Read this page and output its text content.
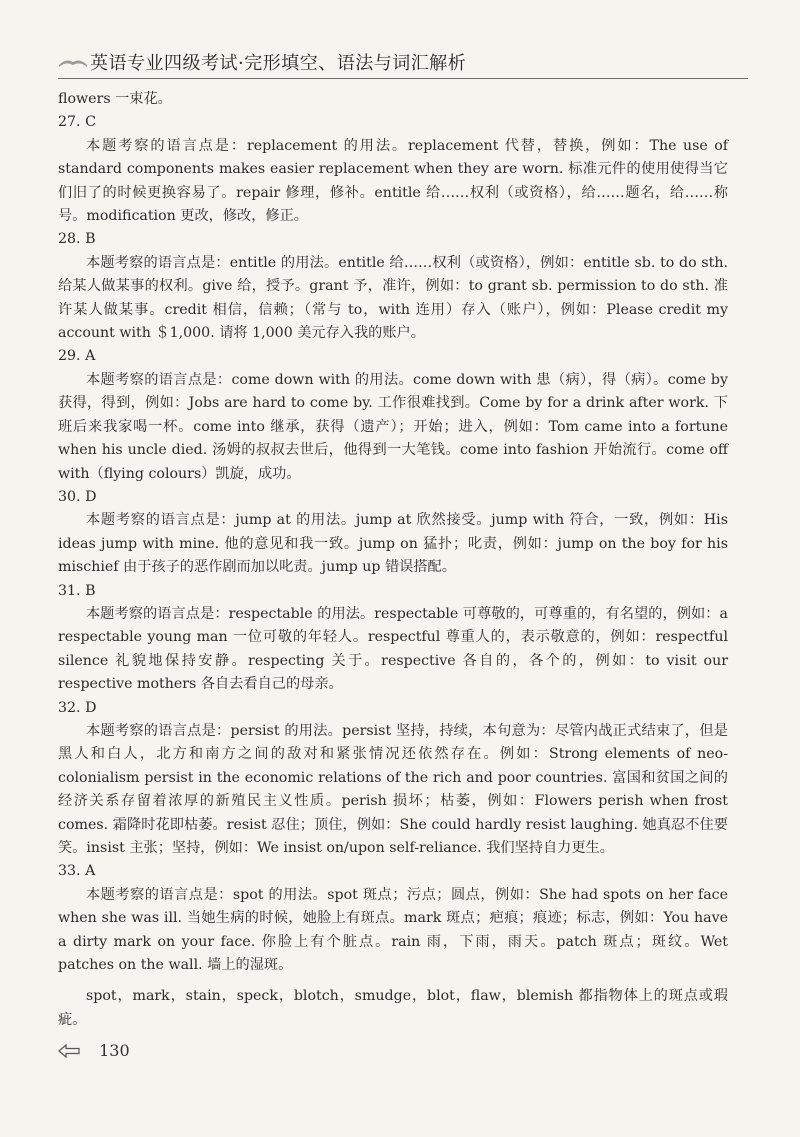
英语专业四级考试·完形填空、语法与词汇解析

flowers 一束花。

27. C

本题考察的语言点是：replacement 的用法。replacement 代替，替换，例如：The use of standard components makes easier replacement when they are worn. 标准元件的使用使得当它们旧了的时候更换容易了。repair 修理，修补。entitle 给……权利（或资格），给……题名，给……称号。modification 更改，修改，修正。

28. B

本题考察的语言点是：entitle 的用法。entitle 给……权利（或资格），例如：entitle sb. to do sth. 给某人做某事的权利。give 给，授予。grant 予，准许，例如：to grant sb. permission to do sth. 准许某人做某事。credit 相信，信赖；（常与 to，with 连用）存入（账户），例如：Please credit my account with ＄1,000. 请将 1,000 美元存入我的账户。

29. A

本题考察的语言点是：come down with 的用法。come down with 患（病），得（病）。come by 获得，得到，例如：Jobs are hard to come by. 工作很难找到。Come by for a drink after work. 下班后来我家喝一杯。come into 继承，获得（遗产）；开始；进入，例如：Tom came into a fortune when his uncle died. 汤姆的叔叔去世后，他得到一大笔钱。come into fashion 开始流行。come off with（flying colours）凯旋，成功。

30. D

本题考察的语言点是：jump at 的用法。jump at 欣然接受。jump with 符合，一致，例如：His ideas jump with mine. 他的意见和我一致。jump on 猛扑；叱责，例如：jump on the boy for his mischief 由于孩子的恶作剧而加以叱责。jump up 错误搭配。

31. B

本题考察的语言点是：respectable 的用法。respectable 可尊敬的，可尊重的，有名望的，例如：a respectable young man 一位可敬的年轻人。respectful 尊重人的，表示敬意的，例如：respectful silence 礼貌地保持安静。respecting 关于。respective 各自的，各个的，例如：to visit our respective mothers 各自去看自己的母亲。

32. D

本题考察的语言点是：persist 的用法。persist 坚持，持续，本句意为：尽管内战正式结束了，但是黑人和白人，北方和南方之间的敌对和紧张情况还依然存在。例如：Strong elements of neo-colonialism persist in the economic relations of the rich and poor countries. 富国和贫国之间的经济关系存留着浓厚的新殖民主义性质。perish 损坏；枯萎，例如：Flowers perish when frost comes. 霜降时花即枯萎。resist 忍住；顶住，例如：She could hardly resist laughing. 她真忍不住要笑。insist 主张；坚持，例如：We insist on/upon self-reliance. 我们坚持自力更生。

33. A

本题考察的语言点是：spot 的用法。spot 斑点；污点；圆点，例如：She had spots on her face when she was ill. 当她生病的时候，她脸上有斑点。mark 斑点；疤痕；痕迹；标志，例如：You have a dirty mark on your face. 你脸上有个脏点。rain 雨，下雨，雨天。patch 斑点；斑纹。Wet patches on the wall. 墙上的湿斑。

spot，mark，stain，speck，blotch，smudge，blot，flaw，blemish 都指物体上的斑点或瑕疵。

130
